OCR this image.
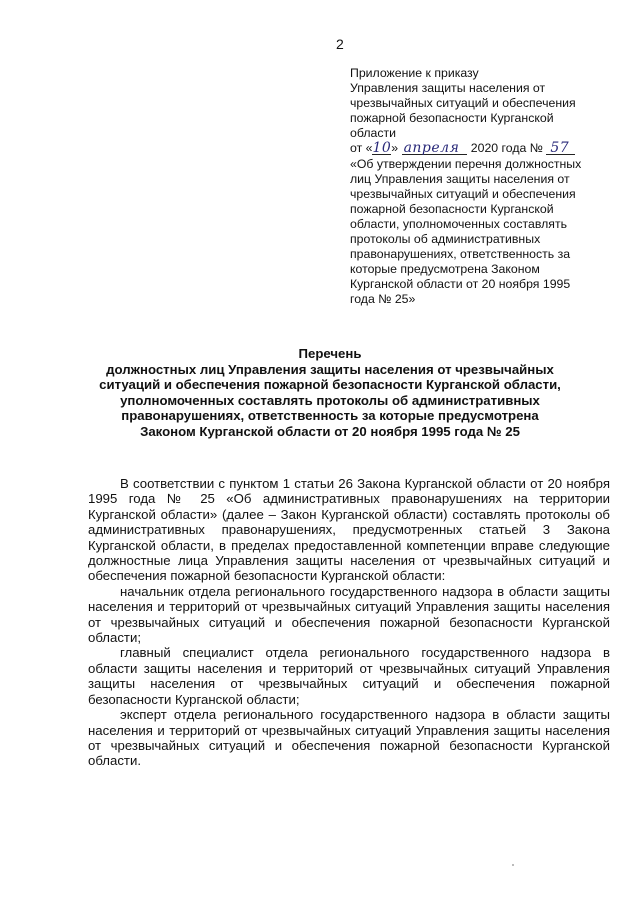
2
Приложение к приказу
Управления защиты населения от
чрезвычайных ситуаций и обеспечения
пожарной безопасности Курганской
области
от «10» апреля 2020 года № 57
«Об утверждении перечня должностных
лиц Управления защиты населения от
чрезвычайных ситуаций и обеспечения
пожарной безопасности Курганской
области, уполномоченных составлять
протоколы об административных
правонарушениях, ответственность за
которые предусмотрена Законом
Курганской области от 20 ноября 1995
года № 25»
Перечень
должностных лиц Управления защиты населения от чрезвычайных
ситуаций и обеспечения пожарной безопасности Курганской области,
уполномоченных составлять протоколы об административных
правонарушениях, ответственность за которые предусмотрена
Законом Курганской области от 20 ноября 1995 года № 25

В соответствии с пунктом 1 статьи 26 Закона Курганской области от 20 ноября 1995 года № 25 «Об административных правонарушениях на территории Курганской области» (далее – Закон Курганской области) составлять протоколы об административных правонарушениях, предусмотренных статьей 3 Закона Курганской области, в пределах предоставленной компетенции вправе следующие должностные лица Управления защиты населения от чрезвычайных ситуаций и обеспечения пожарной безопасности Курганской области:

начальник отдела регионального государственного надзора в области защиты населения и территорий от чрезвычайных ситуаций Управления защиты населения от чрезвычайных ситуаций и обеспечения пожарной безопасности Курганской области;

главный специалист отдела регионального государственного надзора в области защиты населения и территорий от чрезвычайных ситуаций Управления защиты населения от чрезвычайных ситуаций и обеспечения пожарной безопасности Курганской области;

эксперт отдела регионального государственного надзора в области защиты населения и территорий от чрезвычайных ситуаций Управления защиты населения от чрезвычайных ситуаций и обеспечения пожарной безопасности Курганской области.
